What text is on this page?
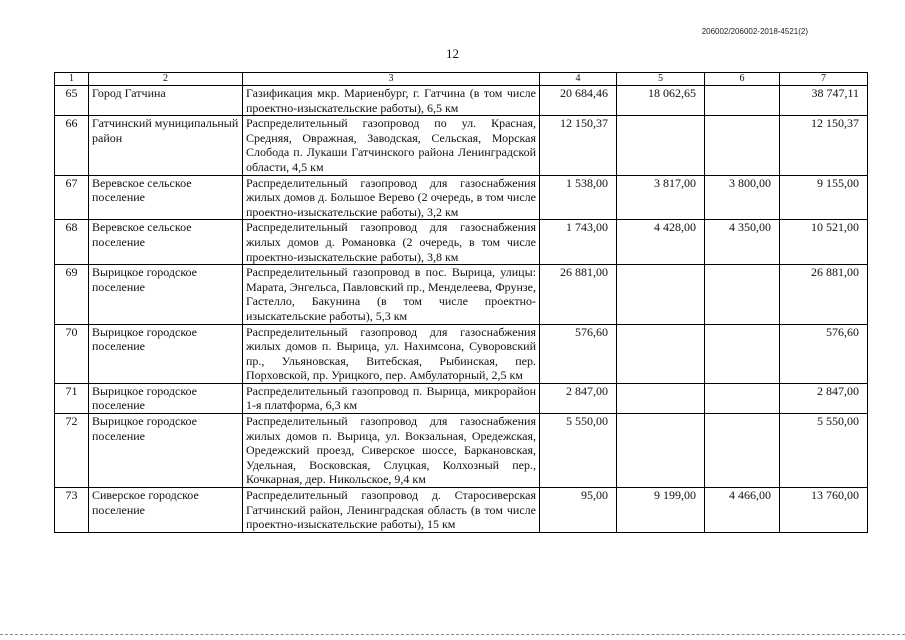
206002/206002-2018-4521(2)
12
1	2	3	4	5	6	7
65	Город Гатчина	Газификация мкр. Мариенбург, г. Гатчина (в том числе проектно-изыскательские работы), 6,5 км	20 684,46	18 062,65		38 747,11
66	Гатчинский муниципальный район	Распределительный газопровод по ул. Красная, Средняя, Овражная, Заводская, Сельская, Морская Слобода п. Лукаши Гатчинского района Ленинградской области, 4,5 км	12 150,37			12 150,37
67	Веревское сельское поселение	Распределительный газопровод для газоснабжения жилых домов д. Большое Верево (2 очередь, в том числе проектно-изыскательские работы), 3,2 км	1 538,00	3 817,00	3 800,00	9 155,00
68	Веревское сельское поселение	Распределительный газопровод для газоснабжения жилых домов д. Романовка (2 очередь, в том числе проектно-изыскательские работы), 3,8 км	1 743,00	4 428,00	4 350,00	10 521,00
69	Вырицкое городское поселение	Распределительный газопровод в пос. Вырица, улицы: Марата, Энгельса, Павловский пр., Менделеева, Фрунзе, Гастелло, Бакунина (в том числе проектно-изыскательские работы), 5,3 км	26 881,00			26 881,00
70	Вырицкое городское поселение	Распределительный газопровод для газоснабжения жилых домов п. Вырица, ул. Нахимсона, Суворовский пр., Ульяновская, Витебская, Рыбинская, пер. Порховской, пр. Урицкого, пер. Амбулаторный, 2,5 км	576,60			576,60
71	Вырицкое городское поселение	Распределительный газопровод п. Вырица, микрорайон 1-я платформа, 6,3 км	2 847,00			2 847,00
72	Вырицкое городское поселение	Распределительный газопровод для газоснабжения жилых домов п. Вырица, ул. Вокзальная, Оредежская, Оредежский проезд, Сиверское шоссе, Баркановская, Удельная, Восковская, Слуцкая, Колхозный пер., Кочкарная, дер. Никольское, 9,4 км	5 550,00			5 550,00
73	Сиверское городское поселение	Распределительный газопровод д. Старосиверская Гатчинский район, Ленинградская область (в том числе проектно-изыскательские работы), 15 км	95,00	9 199,00	4 466,00	13 760,00
